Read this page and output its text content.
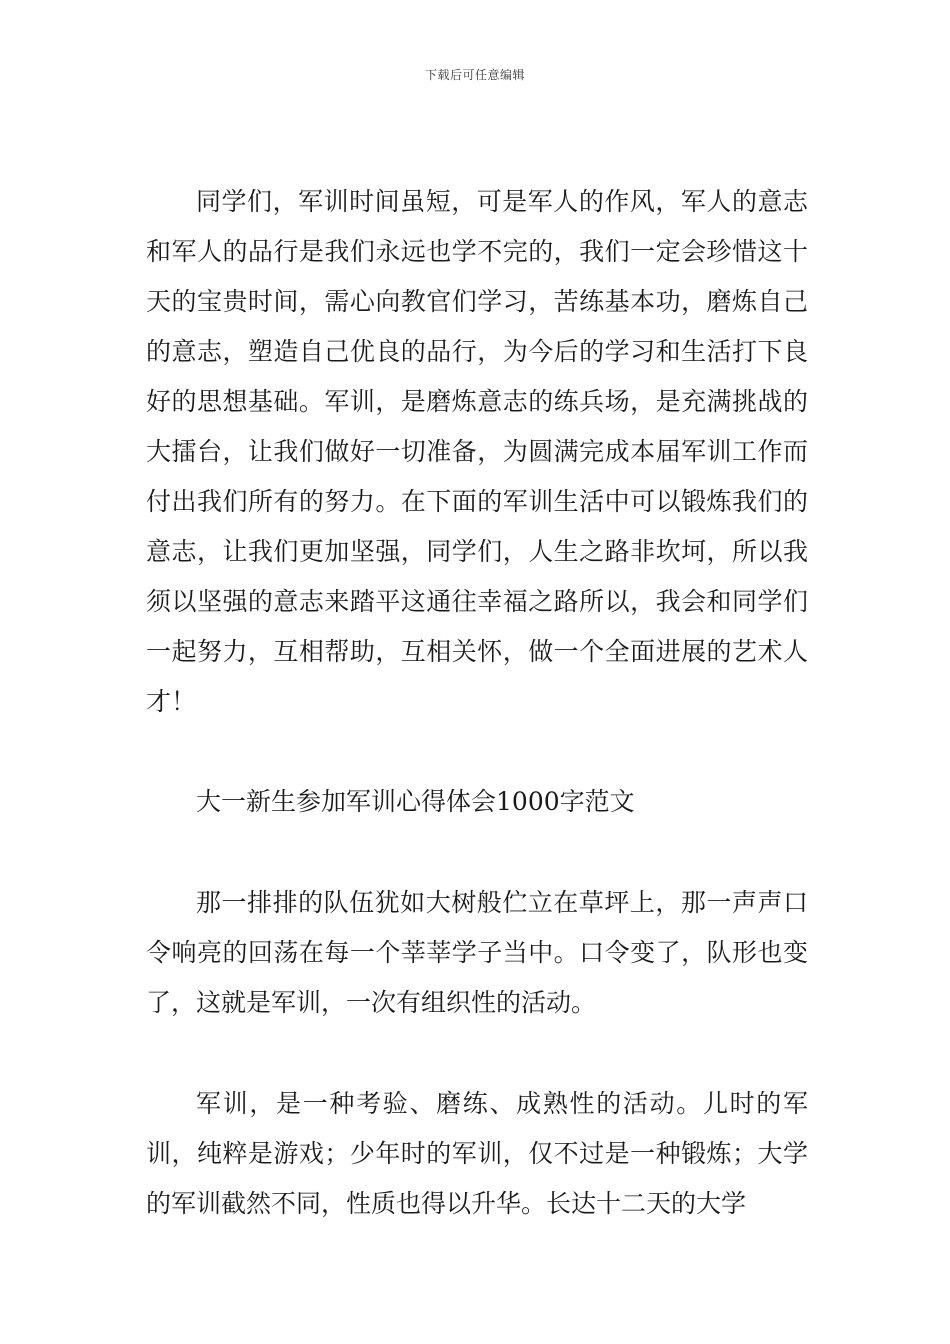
下载后可任意编辑

同学们，军训时间虽短，可是军人的作风，军人的意志和军人的品行是我们永远也学不完的，我们一定会珍惜这十天的宝贵时间，需心向教官们学习，苦练基本功，磨炼自己的意志，塑造自己优良的品行，为今后的学习和生活打下良好的思想基础。军训，是磨炼意志的练兵场，是充满挑战的大擂台，让我们做好一切准备，为圆满完成本届军训工作而付出我们所有的努力。在下面的军训生活中可以锻炼我们的意志，让我们更加坚强，同学们，人生之路非坎坷，所以我须以坚强的意志来踏平这通往幸福之路所以，我会和同学们一起努力，互相帮助，互相关怀，做一个全面进展的艺术人才！

大一新生参加军训心得体会1000字范文

那一排排的队伍犹如大树般伫立在草坪上，那一声声口令响亮的回荡在每一个莘莘学子当中。口令变了，队形也变了，这就是军训，一次有组织性的活动。

军训，是一种考验、磨练、成熟性的活动。儿时的军训，纯粹是游戏；少年时的军训，仅不过是一种锻炼；大学的军训截然不同，性质也得以升华。长达十二天的大学
